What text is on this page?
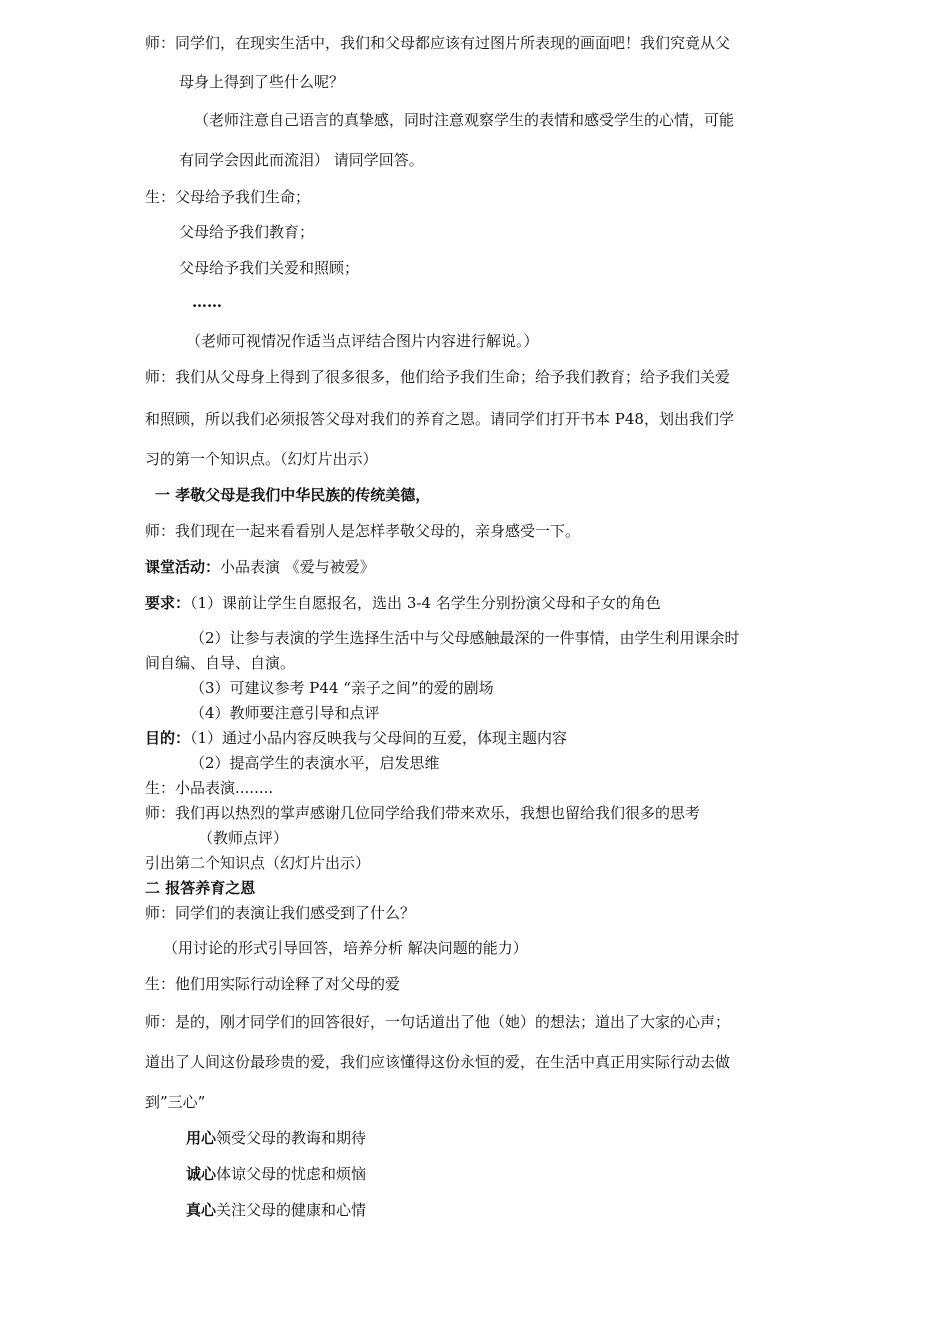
师：同学们，在现实生活中，我们和父母都应该有过图片所表现的画面吧！我们究竟从父
母身上得到了些什么呢？
（老师注意自己语言的真挚感，同时注意观察学生的表情和感受学生的心情，可能
有同学会因此而流泪） 请同学回答。
生：父母给予我们生命；
父母给予我们教育；
父母给予我们关爱和照顾；
……
（老师可视情况作适当点评结合图片内容进行解说。）
师：我们从父母身上得到了很多很多，他们给予我们生命；给予我们教育；给予我们关爱
和照顾，所以我们必须报答父母对我们的养育之恩。请同学们打开书本 P48，划出我们学
习的第一个知识点。（幻灯片出示）
一 孝敬父母是我们中华民族的传统美德，
师：我们现在一起来看看别人是怎样孝敬父母的，亲身感受一下。
课堂活动：小品表演 《爱与被爱》
要求：（1）课前让学生自愿报名，选出 3-4 名学生分别扮演父母和子女的角色
（2）让参与表演的学生选择生活中与父母感触最深的一件事情，由学生利用课余时
间自编、自导、自演。
（3）可建议参考 P44 “亲子之间”的爱的剧场
（4）教师要注意引导和点评
目的：（1）通过小品内容反映我与父母间的互爱，体现主题内容
（2）提高学生的表演水平，启发思维
生：小品表演........
师：我们再以热烈的掌声感谢几位同学给我们带来欢乐，我想也留给我们很多的思考
（教师点评）
引出第二个知识点（幻灯片出示）
二 报答养育之恩
师：同学们的表演让我们感受到了什么？
（用讨论的形式引导回答，培养分析 解决问题的能力）
生：他们用实际行动诠释了对父母的爱
师：是的，刚才同学们的回答很好，一句话道出了他（她）的想法；道出了大家的心声；
道出了人间这份最珍贵的爱，我们应该懂得这份永恒的爱，在生活中真正用实际行动去做
到”三心”
用心领受父母的教诲和期待
诚心体谅父母的忧虑和烦恼
真心关注父母的健康和心情
